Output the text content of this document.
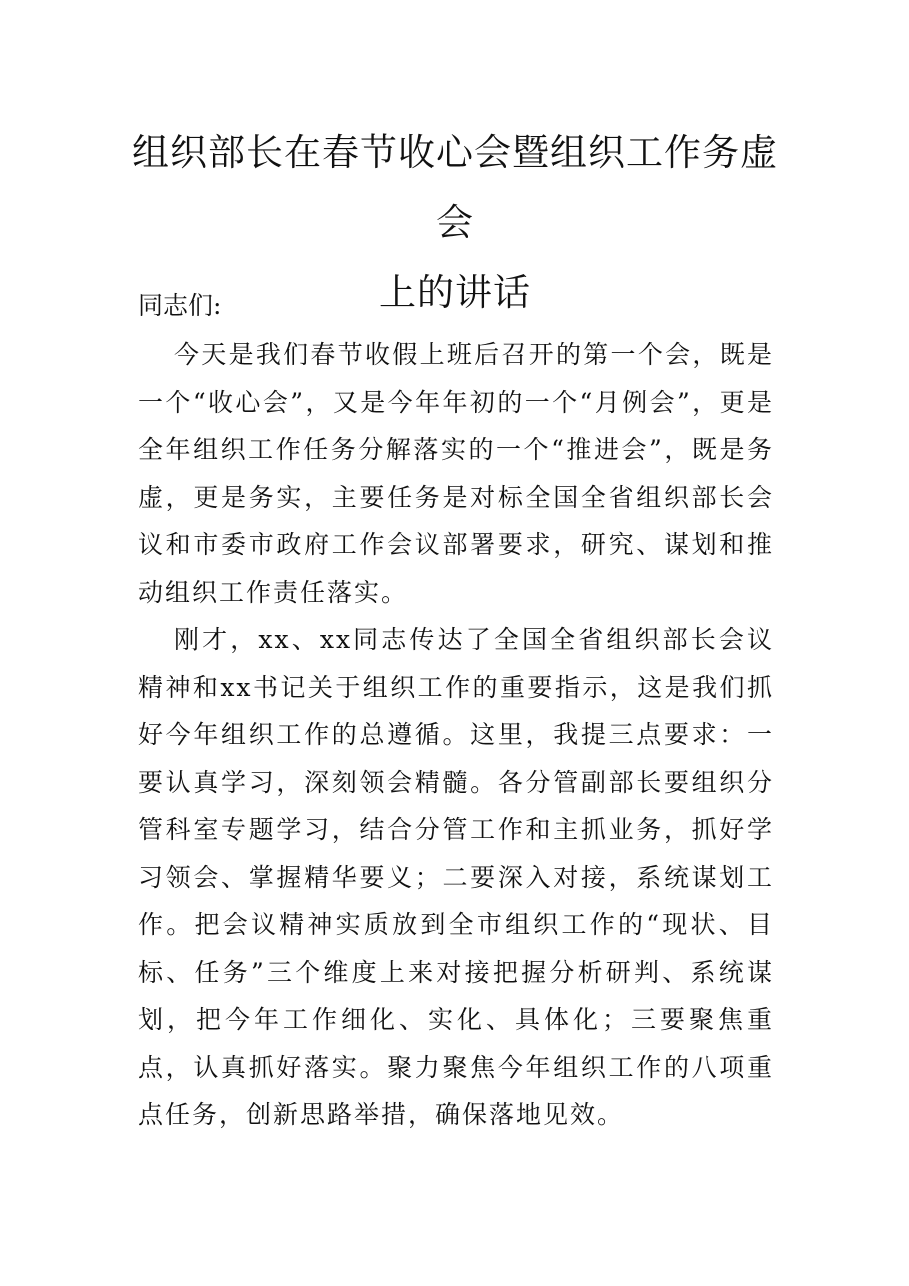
组织部长在春节收心会暨组织工作务虚会
上的讲话
同志们:

今天是我们春节收假上班后召开的第一个会，既是一个“收心会”，又是今年年初的一个“月例会”，更是全年组织工作任务分解落实的一个“推进会”，既是务虚，更是务实，主要任务是对标全国全省组织部长会议和市委市政府工作会议部署要求，研究、谋划和推动组织工作责任落实。

刚才，xx、xx同志传达了全国全省组织部长会议精神和xx书记关于组织工作的重要指示，这是我们抓好今年组织工作的总遵循。这里，我提三点要求：一要认真学习，深刻领会精髓。各分管副部长要组织分管科室专题学习，结合分管工作和主抓业务，抓好学习领会、掌握精华要义；二要深入对接，系统谋划工作。把会议精神实质放到全市组织工作的“现状、目标、任务”三个维度上来对接把握分析研判、系统谋划，把今年工作细化、实化、具体化；三要聚焦重点，认真抓好落实。聚力聚焦今年组织工作的八项重点任务，创新思路举措，确保落地见效。
